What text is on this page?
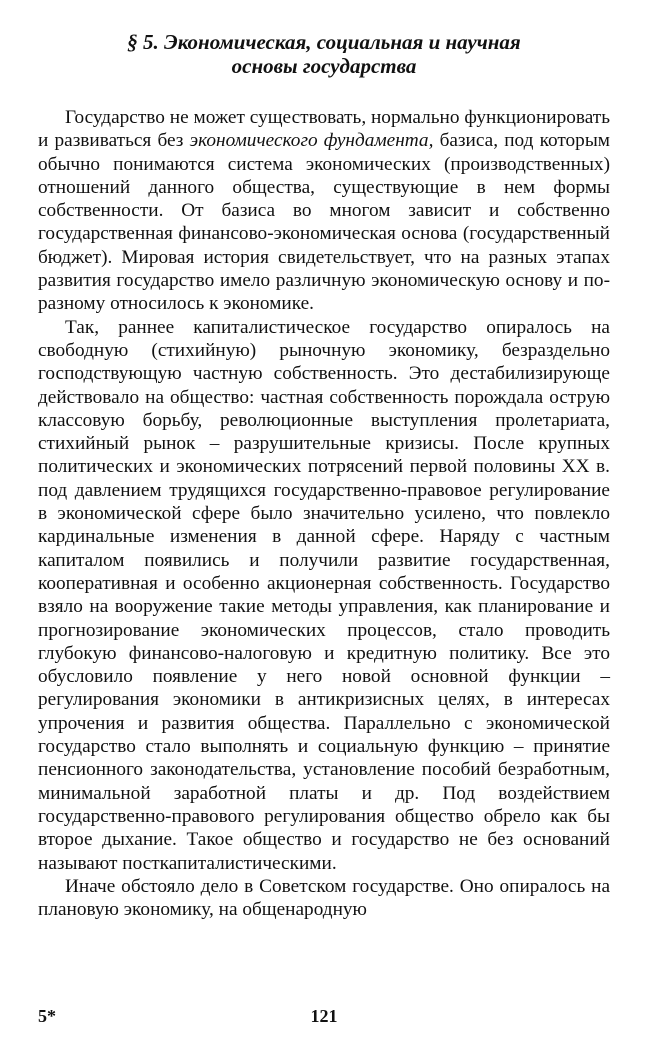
§ 5. Экономическая, социальная и научная
основы государства

Государство не может существовать, нормально функционировать и развиваться без экономического фундамента, базиса, под которым обычно понимаются система экономических (производственных) отношений данного общества, существующие в нем формы собственности. От базиса во многом зависит и собственно государственная финансово-экономическая основа (государственный бюджет). Мировая история свидетельствует, что на разных этапах развития государство имело различную экономическую основу и по-разному относилось к экономике.

Так, раннее капиталистическое государство опиралось на свободную (стихийную) рыночную экономику, безраздельно господствующую частную собственность. Это дестабилизирующе действовало на общество: частная собственность порождала острую классовую борьбу, революционные выступления пролетариата, стихийный рынок – разрушительные кризисы. После крупных политических и экономических потрясений первой половины XX в. под давлением трудящихся государственно-правовое регулирование в экономической сфере было значительно усилено, что повлекло кардинальные изменения в данной сфере. Наряду с частным капиталом появились и получили развитие государственная, кооперативная и особенно акционерная собственность. Государство взяло на вооружение такие методы управления, как планирование и прогнозирование экономических процессов, стало проводить глубокую финансово-налоговую и кредитную политику. Все это обусловило появление у него новой основной функции – регулирования экономики в антикризисных целях, в интересах упрочения и развития общества. Параллельно с экономической государство стало выполнять и социальную функцию – принятие пенсионного законодательства, установление пособий безработным, минимальной заработной платы и др. Под воздействием государственно-правового регулирования общество обрело как бы второе дыхание. Такое общество и государство не без оснований называют посткапиталистическими.

Иначе обстояло дело в Советском государстве. Оно опиралось на плановую экономику, на общенародную

5*	121
